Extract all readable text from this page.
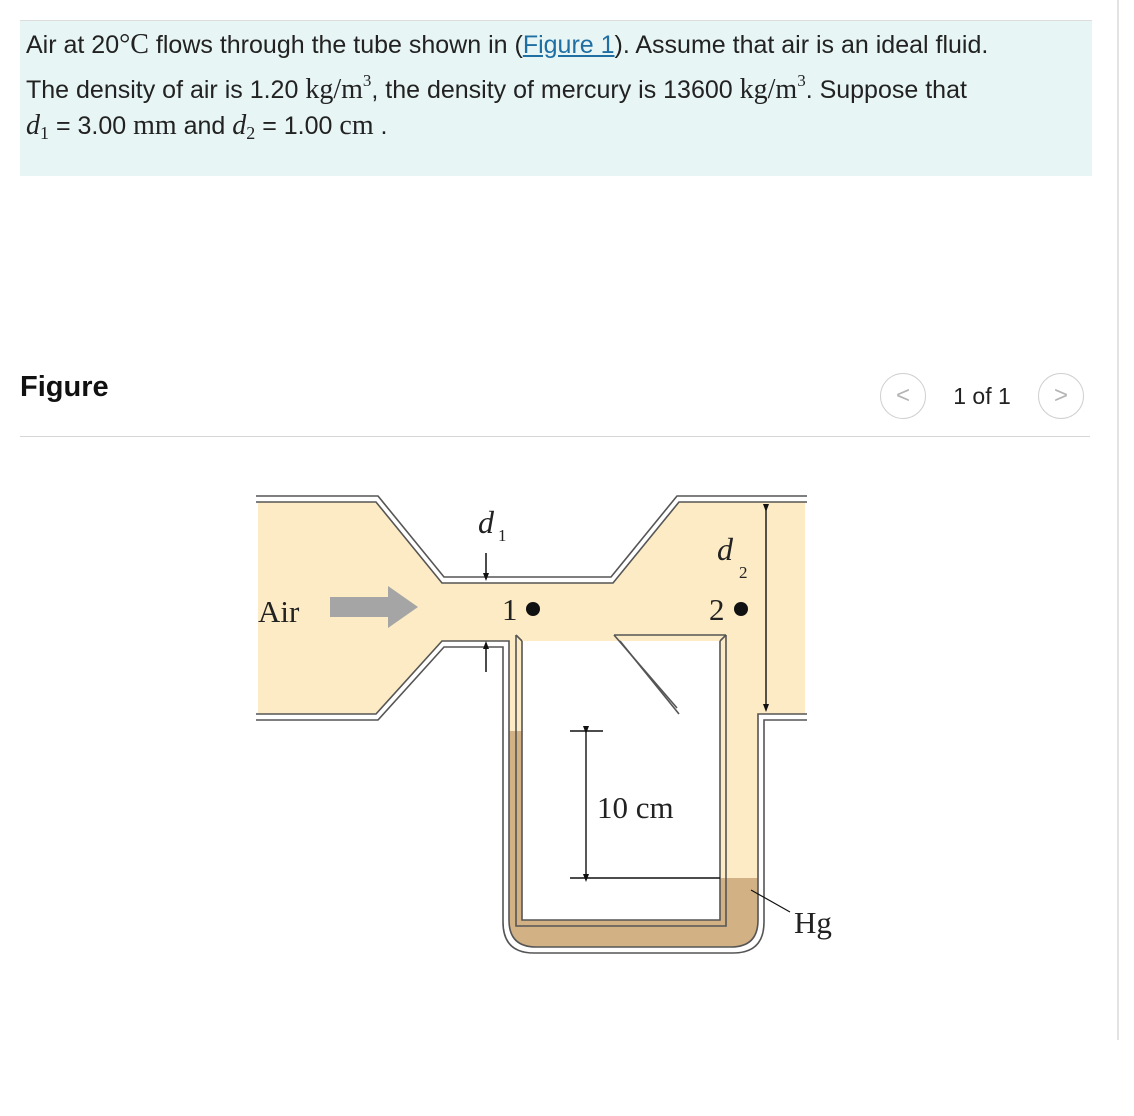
Air at 20°C flows through the tube shown in (Figure 1). Assume that air is an ideal fluid.
The density of air is 1.20 $kg/m^3$, the density of mercury is 13600 $kg/m^3$. Suppose that
$d_1 = 3.00$ mm and $d_2 = 1.00$ cm .
Figure	<	1 of 1	>
Air
d 1
1	2
d
2
10 cm
Hg
